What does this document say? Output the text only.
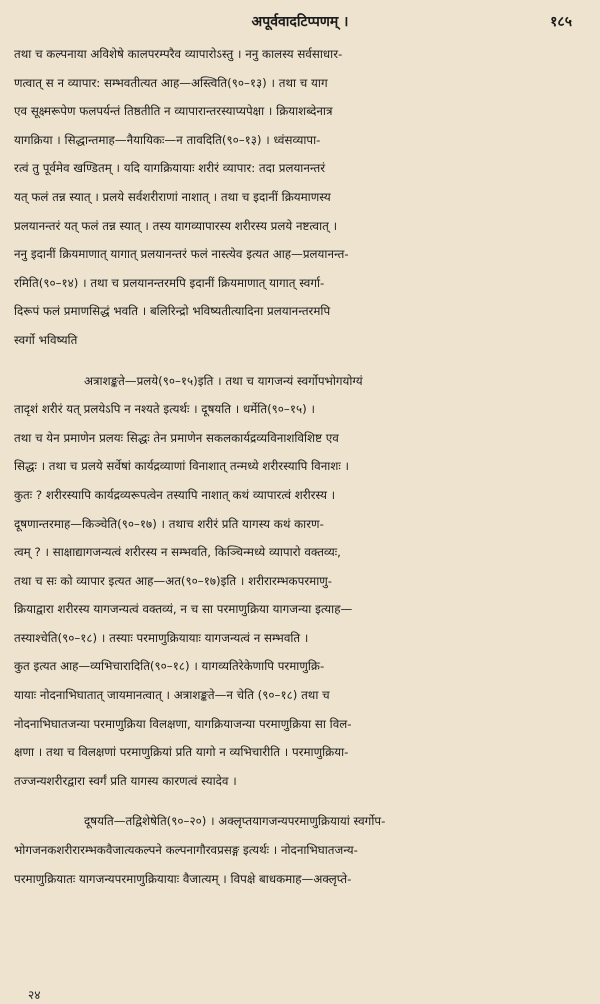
अपूर्ववादटिप्पणम् ।	१८५
तथा च कल्पनाया अविशेषे कालपरम्परैव व्यापारोऽस्तु । ननु कालस्य सर्वसाधार-
णत्वात् स न व्यापार: सम्भवतीत्यत आह—अस्त्विति(९०–१३) । तथा च याग
एव सूक्ष्मरूपेण फलपर्यन्तं तिष्ठतीति न व्यापारान्तरस्याप्यपेक्षा । क्रियाशब्देनात्र
यागक्रिया । सिद्धान्तमाह—नैयायिकः—न तावदिति(९०–१३) । ध्वंसव्यापा-
रत्वं तु पूर्वमेव खण्डितम् । यदि यागक्रियायाः शरीरं व्यापार: तदा प्रलयानन्तरं
यत् फलं तन्न स्यात् । प्रलये सर्वशरीराणां नाशात् । तथा च इदानीं क्रियमाणस्य
प्रलयानन्तरं यत् फलं तन्न स्यात् । तस्य यागव्यापारस्य शरीरस्य प्रलये नष्टत्वात् ।
ननु इदानीं क्रियमाणात् यागात् प्रलयानन्तरं फलं नास्त्येव इत्यत आह—प्रलयानन्त-
रमिति(९०–१४) । तथा च प्रलयानन्तरमपि इदानीं क्रियमाणात् यागात् स्वर्गा-
दिरूपं फलं प्रमाणसिद्धं भवति । बलिरिन्द्रो भविष्यतीत्यादिना प्रलयानन्तरमपि
स्वर्गो भविष्यति
अत्राशङ्कते—प्रलये(९०–१५)इति । तथा च यागजन्यं स्वर्गोपभोगयोग्यं
तादृशं शरीरं यत् प्रलयेऽपि न नश्यते इत्यर्थः । दूषयति । धर्मेति(९०–१५) ।
तथा च येन प्रमाणेन प्रलयः सिद्धः तेन प्रमाणेन सकलकार्यद्रव्यविनाशविशिष्ट एव
सिद्धः । तथा च प्रलये सर्वेषां कार्यद्रव्याणां विनाशात् तन्मध्ये शरीरस्यापि विनाशः ।
कुतः ? शरीरस्यापि कार्यद्रव्यरूपत्वेन तस्यापि नाशात् कथं व्यापारत्वं शरीरस्य ।
दूषणान्तरमाह—किञ्चेति(९०–१७) । तथाच शरीरं प्रति यागस्य कथं कारण-
त्वम् ? । साक्षाद्यागजन्यत्वं शरीरस्य न सम्भवति, किञ्चिन्मध्ये व्यापारो वक्तव्यः,
तथा च सः को व्यापार इत्यत आह—अत(९०–१७)इति । शरीरारम्भकपरमाणु-
क्रियाद्वारा शरीरस्य यागजन्यत्वं वक्तव्यं, न च सा परमाणुक्रिया यागजन्या इत्याह—
तस्याश्चेति(९०–१८) । तस्याः परमाणुक्रियायाः यागजन्यत्वं न सम्भवति ।
कुत इत्यत आह—व्यभिचारादिति(९०–१८) । यागव्यतिरेकेणापि परमाणुक्रि-
यायाः नोदनाभिघातात् जायमानत्वात् । अत्राशङ्कते—न चेति (९०–१८) तथा च
नोदनाभिघातजन्या परमाणुक्रिया विलक्षणा, यागक्रियाजन्या परमाणुक्रिया सा विल-
क्षणा । तथा च विलक्षणां परमाणुक्रियां प्रति यागो न व्यभिचारीति । परमाणुक्रिया-
तज्जन्यशरीरद्वारा स्वर्गं प्रति यागस्य कारणत्वं स्यादेव ।
दूषयति—तद्विशेषेति(९०–२०) । अक्लृप्तयागजन्यपरमाणुक्रियायां स्वर्गोप-
भोगजनकशरीरारम्भकवैजात्यकल्पने कल्पनागौरवप्रसङ्ग इत्यर्थः । नोदनाभिघातजन्य-
परमाणुक्रियातः यागजन्यपरमाणुक्रियायाः वैजात्यम् । विपक्षे बाधकमाह—अक्लृप्ते-
२४
